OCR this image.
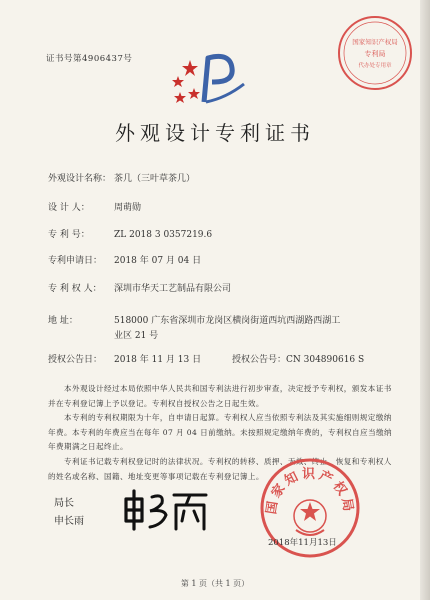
证书号第4906437号
国家知识产权局
专利局
代办处专用章
外观设计专利证书
外观设计名称： 茶几（三叶草茶几）
设 计 人：	周萌勋
专 利 号：	ZL 2018 3 0357219.6
专利申请日： 2018 年 07 月 04 日
专 利 权 人： 深圳市华天工艺制品有限公司
地 址：	518000 广东省深圳市龙岗区横岗街道西坑西湖路西湖工
业区 21 号
授权公告日： 2018 年 11 月 13 日	授权公告号：CN 304890616 S
本外观设计经过本局依照中华人民共和国专利法进行初步审查，决定授予专利权，颁发本证书并在专利登记簿上予以登记。专利权自授权公告之日起生效。
本专利的专利权期限为十年，自申请日起算。专利权人应当依照专利法及其实施细则规定缴纳年费。本专利的年费应当在每年 07 月 04 日前缴纳。未按照规定缴纳年费的，专利权自应当缴纳年费期满之日起终止。
专利证书记载专利权登记时的法律状况。专利权的转移、质押、无效、终止、恢复和专利权人的姓名或名称、国籍、地址变更等事项记载在专利登记簿上。
局长
申长雨
国家知识产权局
2018年11月13日
第 1 页（共 1 页）
